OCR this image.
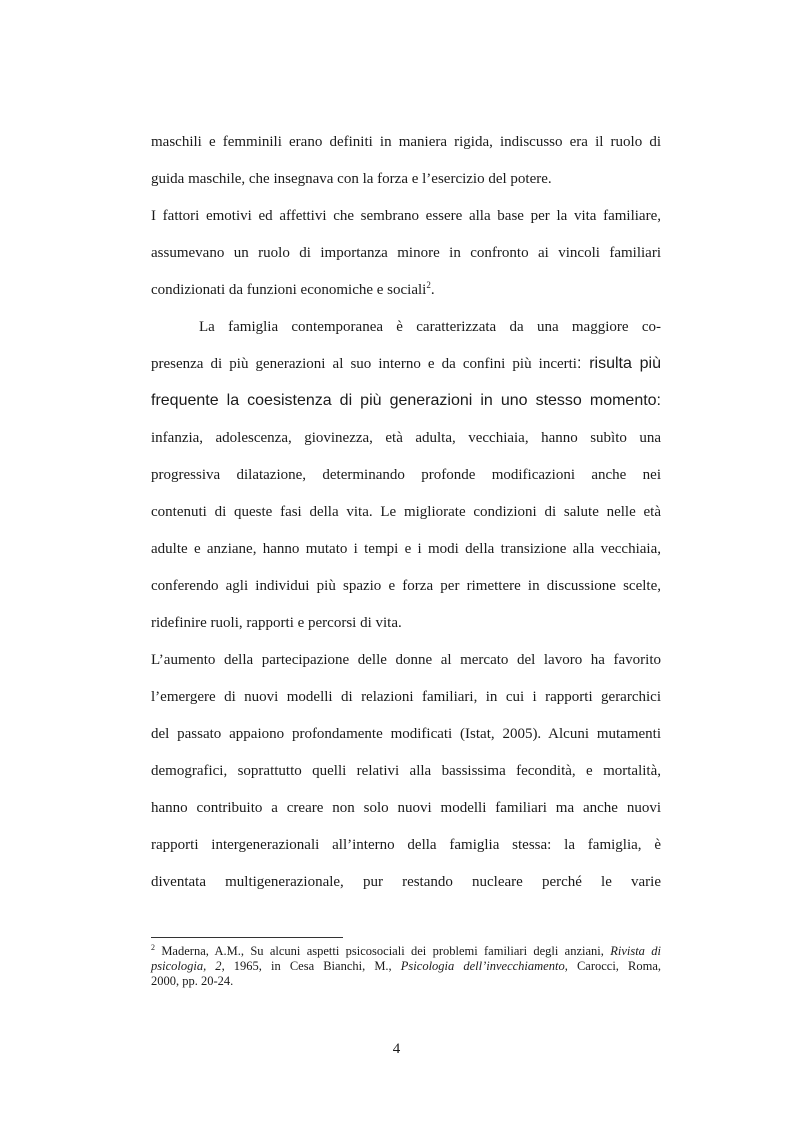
maschili e femminili erano definiti in maniera rigida, indiscusso era il ruolo di
guida maschile, che insegnava con la forza e l’esercizio del potere.
I fattori emotivi ed affettivi che sembrano essere alla base per la vita familiare,
assumevano un ruolo di importanza minore in confronto ai vincoli familiari
condizionati da funzioni economiche e sociali$^2$.
La famiglia contemporanea è caratterizzata da una maggiore co-
presenza di più generazioni al suo interno e da confini più incerti: risulta più
frequente la coesistenza di più generazioni in uno stesso momento:
infanzia, adolescenza, giovinezza, età adulta, vecchiaia, hanno subìto una
progressiva dilatazione, determinando profonde modificazioni anche nei
contenuti di queste fasi della vita. Le migliorate condizioni di salute nelle età
adulte e anziane, hanno mutato i tempi e i modi della transizione alla vecchiaia,
conferendo agli individui più spazio e forza per rimettere in discussione scelte,
ridefinire ruoli, rapporti e percorsi di vita.
L’aumento della partecipazione delle donne al mercato del lavoro ha favorito
l’emergere di nuovi modelli di relazioni familiari, in cui i rapporti gerarchici
del passato appaiono profondamente modificati (Istat, 2005). Alcuni mutamenti
demografici, soprattutto quelli relativi alla bassissima fecondità, e mortalità,
hanno contribuito a creare non solo nuovi modelli familiari ma anche nuovi
rapporti intergenerazionali all’interno della famiglia stessa: la famiglia, è
diventata multigenerazionale, pur restando nucleare perché le varie
$^2$ Maderna, A.M., Su alcuni aspetti psicosociali dei problemi familiari degli anziani, Rivista di
psicologia, 2, 1965, in Cesa Bianchi, M., Psicologia dell’invecchiamento, Carocci, Roma,
2000, pp. 20-24.
4
